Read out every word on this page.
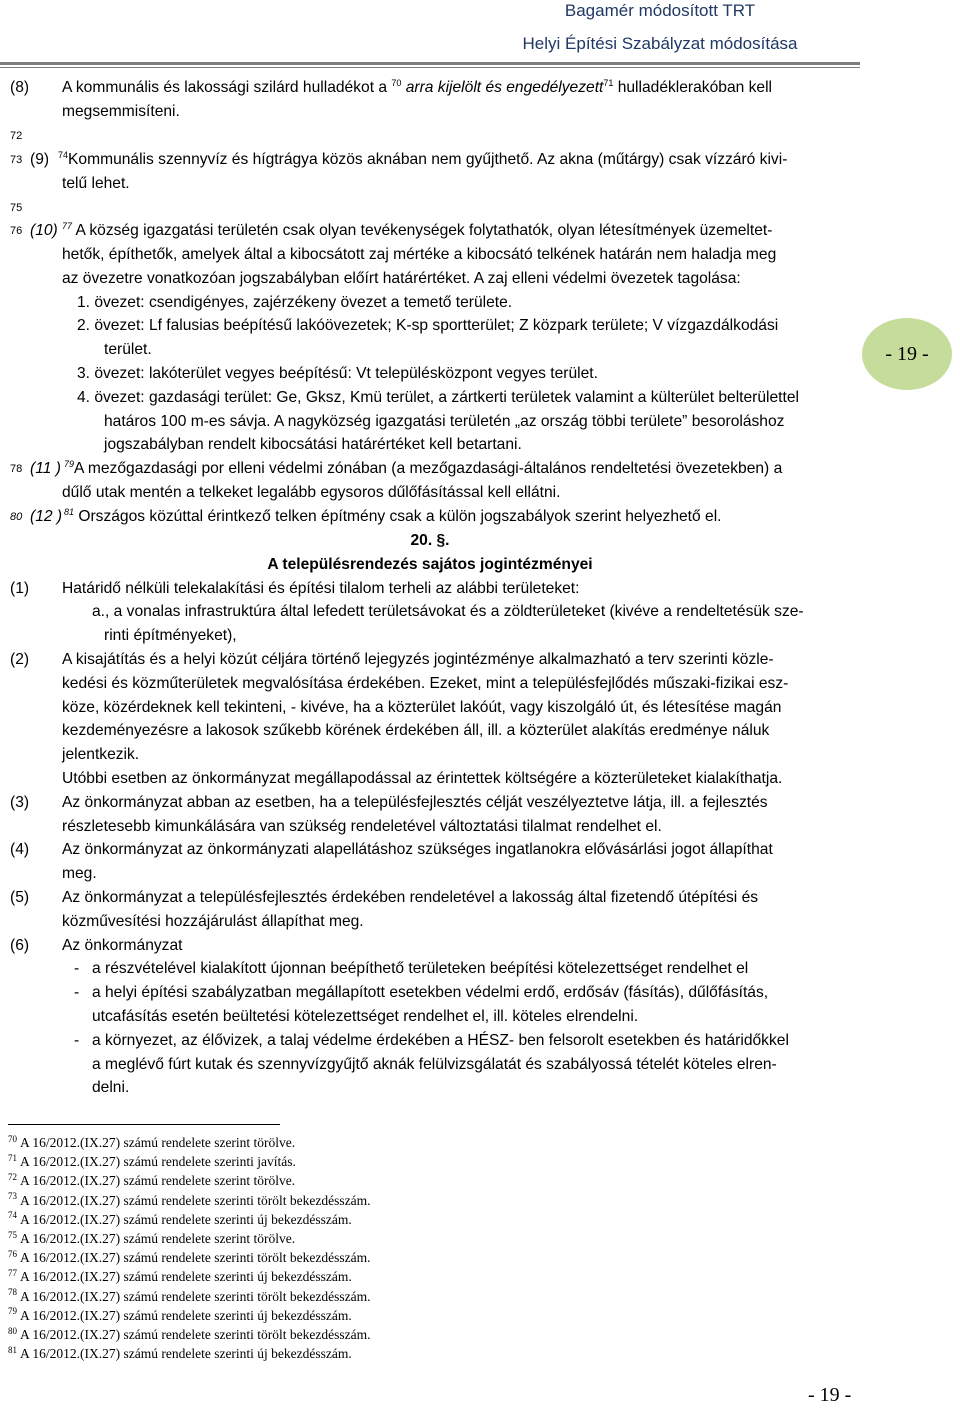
Bagamér módosított TRT
Helyi Építési Szabályzat módosítása
- 19 -
(8) A kommunális és lakossági szilárd hulladékot a $^{70}$ arra kijelölt és engedélyezett$^{71}$ hulladéklerakóban kell
megsemmisíteni.
72
73 (9) $^{74}$Kommunális szennyvíz és hígtrágya közös aknában nem gyűjthető. Az akna (műtárgy) csak vízzáró kivi-
telű lehet.
75
76 (10) $^{77}$ A község igazgatási területén csak olyan tevékenységek folytathatók, olyan létesítmények üzemeltet-
hetők, építhetők, amelyek által a kibocsátott zaj mértéke a kibocsátó telkének határán nem haladja meg
az övezetre vonatkozóan jogszabályban előírt határértéket. A zaj elleni védelmi övezetek tagolása:
1. övezet: csendigényes, zajérzékeny övezet a temető területe.
2. övezet: Lf falusias beépítésű lakóövezetek; K-sp sportterület; Z közpark területe; V vízgazdálkodási
terület.
3. övezet: lakóterület vegyes beépítésű: Vt településközpont vegyes terület.
4. övezet: gazdasági terület: Ge, Gksz, Kmü terület, a zártkerti területek valamint a külterület belterülettel
határos 100 m-es sávja. A nagyközség igazgatási területén „az ország többi területe” besoroláshoz
jogszabályban rendelt kibocsátási határértéket kell betartani.
78 (11 ) $^{79}$A mezőgazdasági por elleni védelmi zónában (a mezőgazdasági-általános rendeltetési övezetekben) a
dűlő utak mentén a telkeket legalább egysoros dűlőfásítással kell ellátni.
80 (12 ) $^{81}$ Országos közúttal érintkező telken építmény csak a külön jogszabályok szerint helyezhető el.
20. §.
A településrendezés sajátos jogintézményei
(1) Határidő nélküli telekalakítási és építési tilalom terheli az alábbi területeket:
a., a vonalas infrastruktúra által lefedett területsávokat és a zöldterületeket (kivéve a rendeltetésük sze-
rinti építményeket),
(2) A kisajátítás és a helyi közút céljára történő lejegyzés jogintézménye alkalmazható a terv szerinti közle-
kedési és közműterületek megvalósítása érdekében. Ezeket, mint a településfejlődés műszaki-fizikai esz-
köze, közérdeknek kell tekinteni, - kivéve, ha a közterület lakóút, vagy kiszolgáló út, és létesítése magán
kezdeményezésre a lakosok szűkebb körének érdekében áll, ill. a közterület alakítás eredménye náluk
jelentkezik.
Utóbbi esetben az önkormányzat megállapodással az érintettek költségére a közterületeket kialakíthatja.
(3) Az önkormányzat abban az esetben, ha a településfejlesztés célját veszélyeztetve látja, ill. a fejlesztés
részletesebb kimunkálására van szükség rendeletével változtatási tilalmat rendelhet el.
(4) Az önkormányzat az önkormányzati alapellátáshoz szükséges ingatlanokra elővásárlási jogot állapíthat
meg.
(5) Az önkormányzat a településfejlesztés érdekében rendeletével a lakosság által fizetendő útépítési és
közművesítési hozzájárulást állapíthat meg.
(6) Az önkormányzat
- a részvételével kialakított újonnan beépíthető területeken beépítési kötelezettséget rendelhet el
- a helyi építési szabályzatban megállapított esetekben védelmi erdő, erdősáv (fásítás), dűlőfásítás,
utcafásítás esetén beültetési kötelezettséget rendelhet el, ill. köteles elrendelni.
- a környezet, az élővizek, a talaj védelme érdekében a HÉSZ- ben felsorolt esetekben és határidőkkel
a meglévő fúrt kutak és szennyvízgyűjtő aknák felülvizsgálatát és szabályossá tételét köteles elren-
delni.
$^{70}$ A 16/2012.(IX.27) számú rendelete szerint törölve.
$^{71}$ A 16/2012.(IX.27) számú rendelete szerinti javítás.
$^{72}$ A 16/2012.(IX.27) számú rendelete szerint törölve.
$^{73}$ A 16/2012.(IX.27) számú rendelete szerinti törölt bekezdésszám.
$^{74}$ A 16/2012.(IX.27) számú rendelete szerinti új bekezdésszám.
$^{75}$ A 16/2012.(IX.27) számú rendelete szerint törölve.
$^{76}$ A 16/2012.(IX.27) számú rendelete szerinti törölt bekezdésszám.
$^{77}$ A 16/2012.(IX.27) számú rendelete szerinti új bekezdésszám.
$^{78}$ A 16/2012.(IX.27) számú rendelete szerinti törölt bekezdésszám.
$^{79}$ A 16/2012.(IX.27) számú rendelete szerinti új bekezdésszám.
$^{80}$ A 16/2012.(IX.27) számú rendelete szerinti törölt bekezdésszám.
$^{81}$ A 16/2012.(IX.27) számú rendelete szerinti új bekezdésszám.
- 19 -
